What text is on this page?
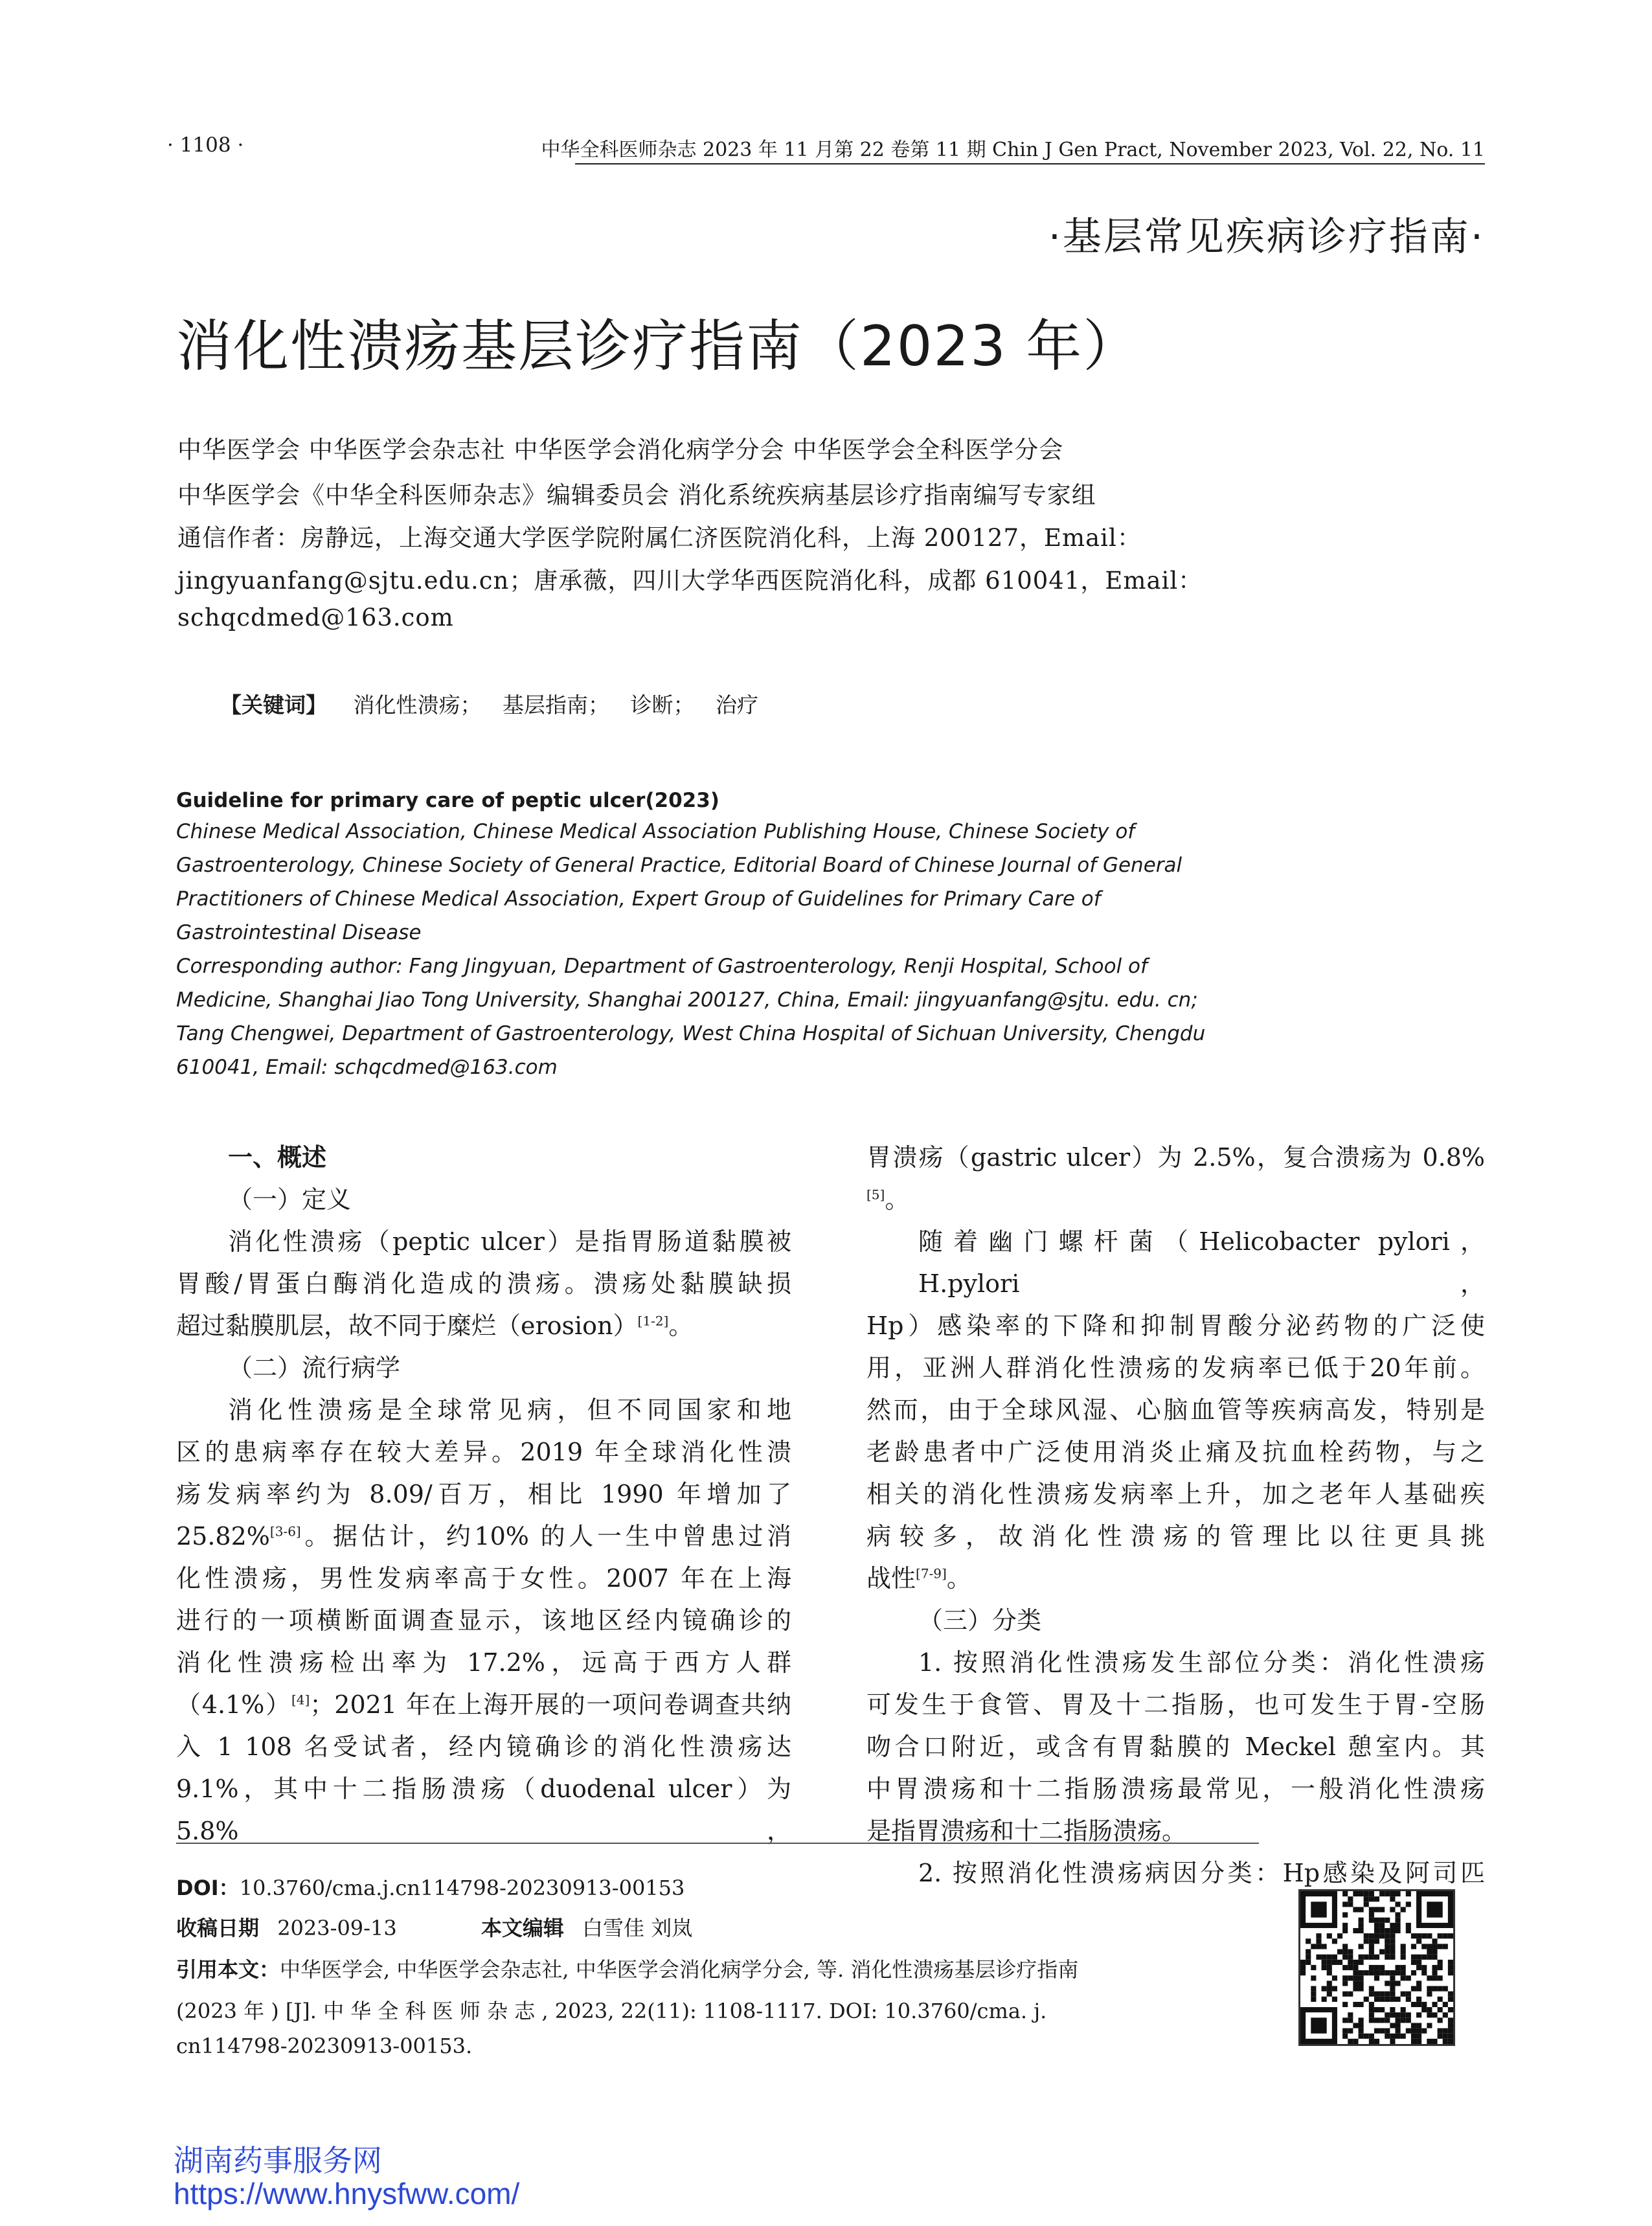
· 1108 ·	中华全科医师杂志 2023 年 11 月第 22 卷第 11 期 Chin J Gen Pract, November 2023, Vol. 22, No. 11
·基层常见疾病诊疗指南·
消化性溃疡基层诊疗指南（2023 年）
中华医学会 中华医学会杂志社 中华医学会消化病学分会 中华医学会全科医学分会
中华医学会《中华全科医师杂志》编辑委员会 消化系统疾病基层诊疗指南编写专家组
通信作者：房静远，上海交通大学医学院附属仁济医院消化科，上海 200127，Email：
jingyuanfang@sjtu.edu.cn；唐承薇，四川大学华西医院消化科，成都 610041，Email：
schqcdmed@163.com
【关键词】 消化性溃疡； 基层指南； 诊断； 治疗
Guideline for primary care of peptic ulcer(2023)
Chinese Medical Association, Chinese Medical Association Publishing House, Chinese Society of
Gastroenterology, Chinese Society of General Practice, Editorial Board of Chinese Journal of General
Practitioners of Chinese Medical Association, Expert Group of Guidelines for Primary Care of
Gastrointestinal Disease
Corresponding author: Fang Jingyuan, Department of Gastroenterology, Renji Hospital, School of
Medicine, Shanghai Jiao Tong University, Shanghai 200127, China, Email: jingyuanfang@sjtu. edu. cn;
Tang Chengwei, Department of Gastroenterology, West China Hospital of Sichuan University, Chengdu
610041, Email: schqcdmed@163.com
一、概述
（一）定义
消化性溃疡（peptic ulcer）是指胃肠道黏膜被
胃酸/胃蛋白酶消化造成的溃疡。溃疡处黏膜缺损
超过黏膜肌层，故不同于糜烂（erosion）[1-2]。
（二）流行病学
消化性溃疡是全球常见病，但不同国家和地
区的患病率存在较大差异。2019 年全球消化性溃
疡发病率约为 8.09/百万，相比 1990 年增加了
25.82%[3-6]。据估计，约10% 的人一生中曾患过消
化性溃疡，男性发病率高于女性。2007 年在上海
进行的一项横断面调查显示，该地区经内镜确诊的
消化性溃疡检出率为 17.2%，远高于西方人群
（4.1%）[4]；2021 年在上海开展的一项问卷调查共纳
入 1 108 名受试者，经内镜确诊的消化性溃疡达
9.1%，其中十二指肠溃疡（duodenal ulcer）为 5.8%，
胃溃疡（gastric ulcer）为 2.5%，复合溃疡为 0.8%[5]。
随着幽门螺杆菌（Helicobacter pylori，H.pylori，
Hp）感染率的下降和抑制胃酸分泌药物的广泛使
用，亚洲人群消化性溃疡的发病率已低于20年前。
然而，由于全球风湿、心脑血管等疾病高发，特别是
老龄患者中广泛使用消炎止痛及抗血栓药物，与之
相关的消化性溃疡发病率上升，加之老年人基础疾
病较多，故消化性溃疡的管理比以往更具挑
战性[7-9]。
（三）分类
1. 按照消化性溃疡发生部位分类：消化性溃疡
可发生于食管、胃及十二指肠，也可发生于胃-空肠
吻合口附近，或含有胃黏膜的 Meckel 憩室内。其
中胃溃疡和十二指肠溃疡最常见，一般消化性溃疡
是指胃溃疡和十二指肠溃疡。
2. 按照消化性溃疡病因分类：Hp感染及阿司匹
DOI：10.3760/cma.j.cn114798-20230913-00153
收稿日期 2023-09-13	本文编辑 白雪佳 刘岚
引用本文：中华医学会, 中华医学会杂志社, 中华医学会消化病学分会, 等. 消化性溃疡基层诊疗指南
(2023 年 ) [J]. 中 华 全 科 医 师 杂 志 , 2023, 22(11): 1108-1117. DOI: 10.3760/cma. j.
cn114798-20230913-00153.
湖南药事服务网
https://www.hnysfww.com/
